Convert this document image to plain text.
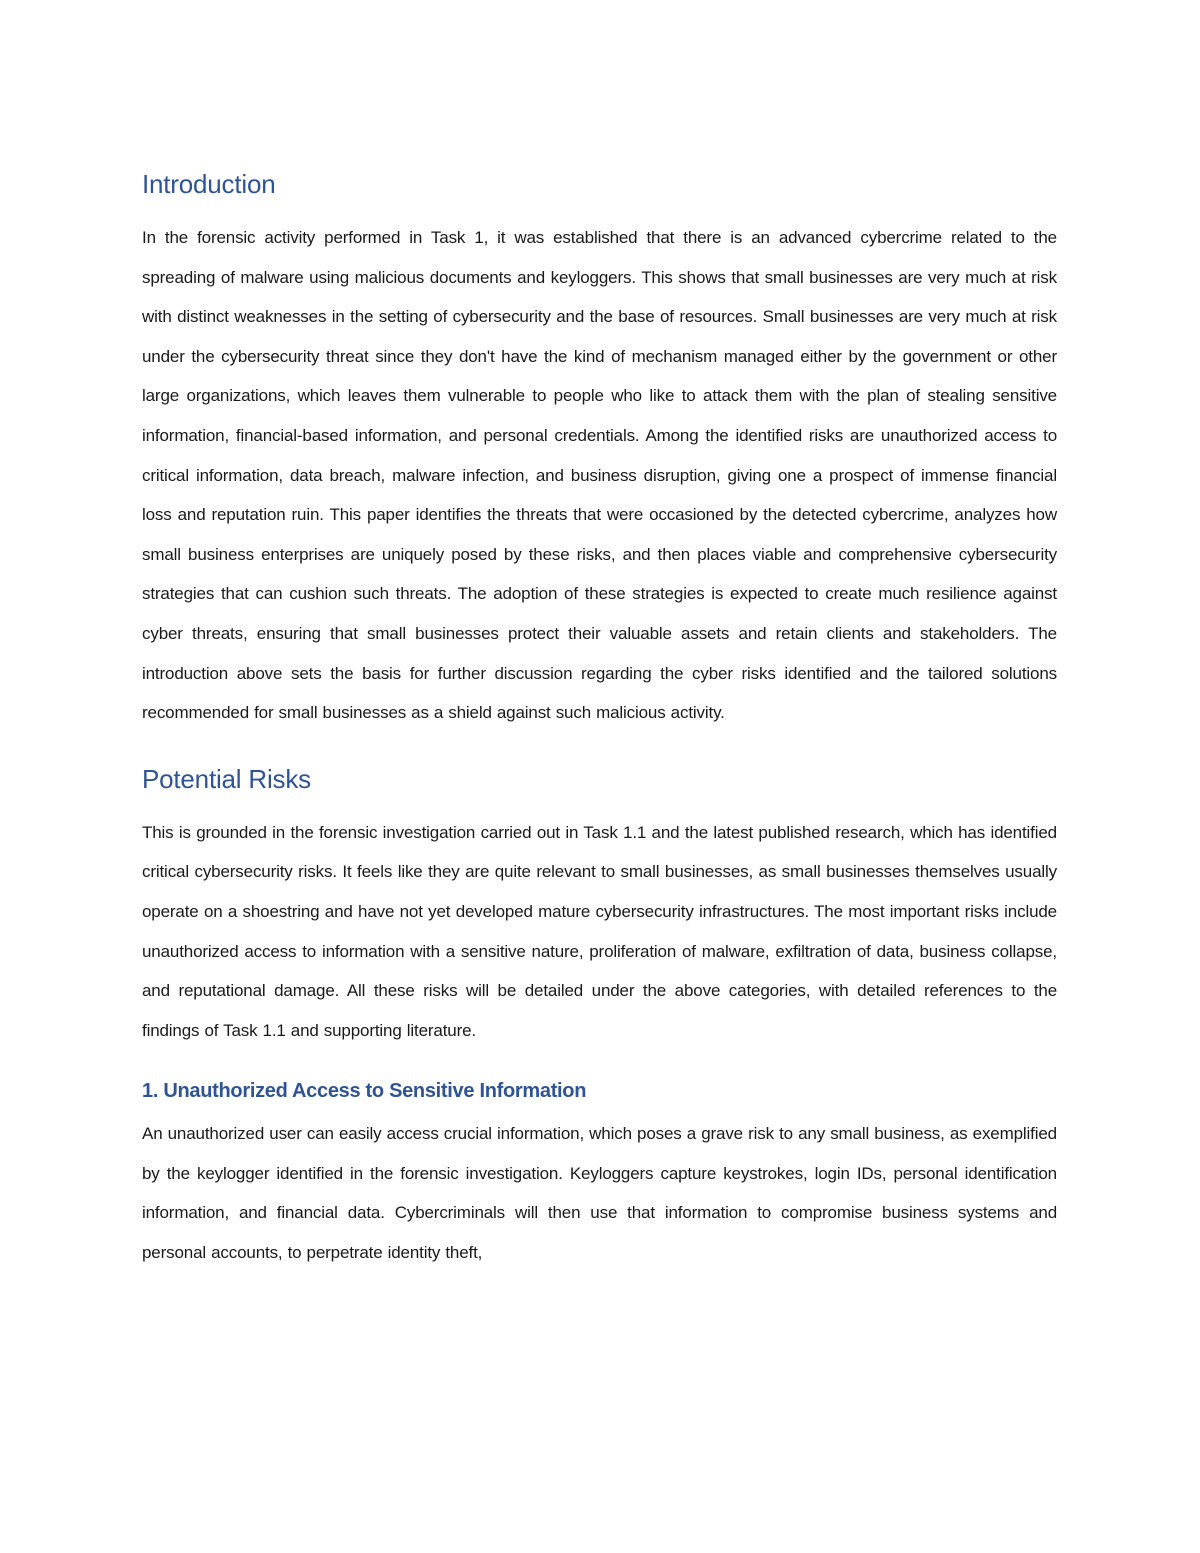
Introduction

In the forensic activity performed in Task 1, it was established that there is an advanced cybercrime related to the spreading of malware using malicious documents and keyloggers. This shows that small businesses are very much at risk with distinct weaknesses in the setting of cybersecurity and the base of resources. Small businesses are very much at risk under the cybersecurity threat since they don't have the kind of mechanism managed either by the government or other large organizations, which leaves them vulnerable to people who like to attack them with the plan of stealing sensitive information, financial-based information, and personal credentials. Among the identified risks are unauthorized access to critical information, data breach, malware infection, and business disruption, giving one a prospect of immense financial loss and reputation ruin. This paper identifies the threats that were occasioned by the detected cybercrime, analyzes how small business enterprises are uniquely posed by these risks, and then places viable and comprehensive cybersecurity strategies that can cushion such threats. The adoption of these strategies is expected to create much resilience against cyber threats, ensuring that small businesses protect their valuable assets and retain clients and stakeholders. The introduction above sets the basis for further discussion regarding the cyber risks identified and the tailored solutions recommended for small businesses as a shield against such malicious activity.

Potential Risks

This is grounded in the forensic investigation carried out in Task 1.1 and the latest published research, which has identified critical cybersecurity risks. It feels like they are quite relevant to small businesses, as small businesses themselves usually operate on a shoestring and have not yet developed mature cybersecurity infrastructures. The most important risks include unauthorized access to information with a sensitive nature, proliferation of malware, exfiltration of data, business collapse, and reputational damage. All these risks will be detailed under the above categories, with detailed references to the findings of Task 1.1 and supporting literature.

1. Unauthorized Access to Sensitive Information

An unauthorized user can easily access crucial information, which poses a grave risk to any small business, as exemplified by the keylogger identified in the forensic investigation. Keyloggers capture keystrokes, login IDs, personal identification information, and financial data. Cybercriminals will then use that information to compromise business systems and personal accounts, to perpetrate identity theft,
